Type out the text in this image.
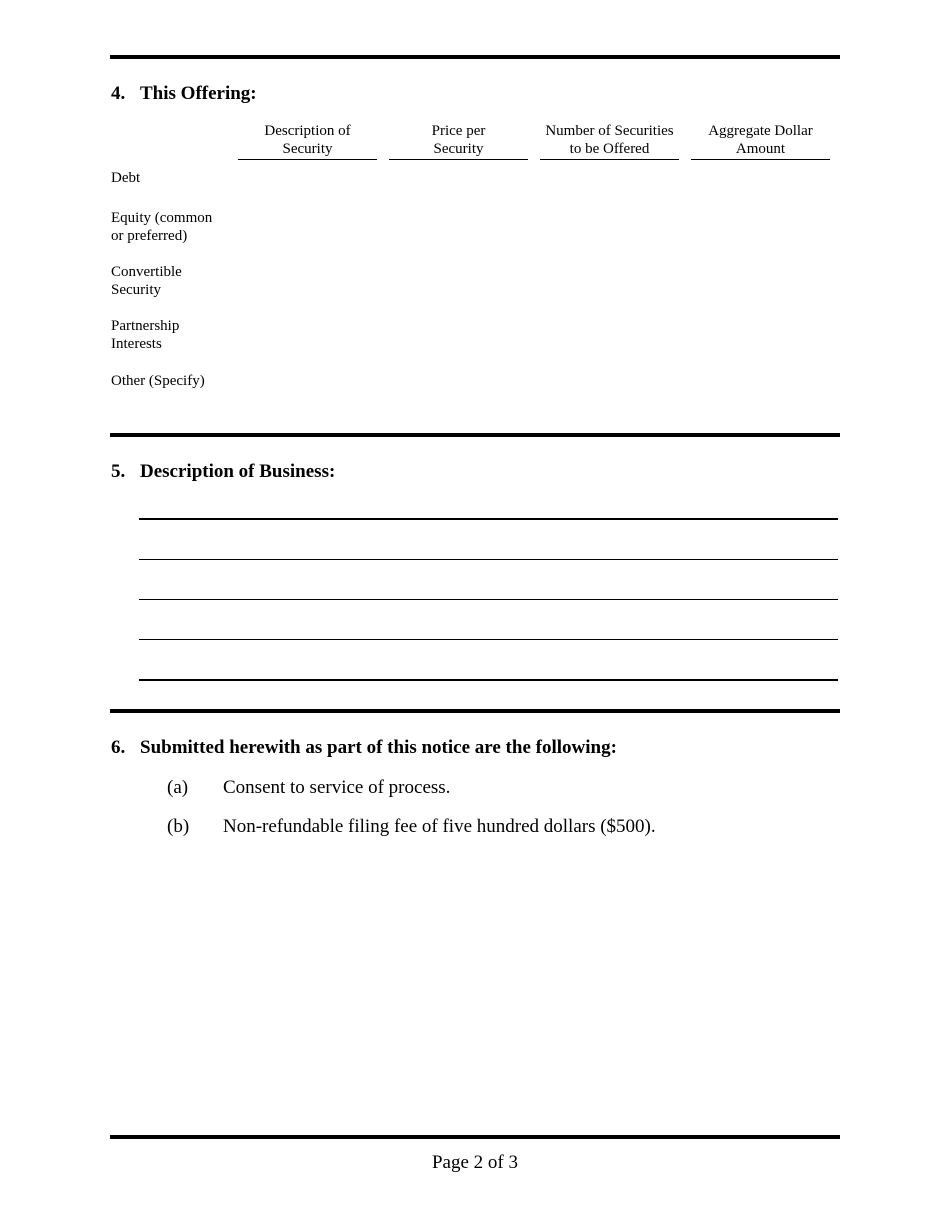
4. This Offering:
Description of
Security
Price per
Security
Number of Securities
to be Offered
Aggregate Dollar
Amount
Debt
Equity (common
or preferred)
Convertible
Security
Partnership
Interests
Other (Specify)
5. Description of Business:
6. Submitted herewith as part of this notice are the following:
(a) Consent to service of process.
(b) Non-refundable filing fee of five hundred dollars ($500).
Page 2 of 3
